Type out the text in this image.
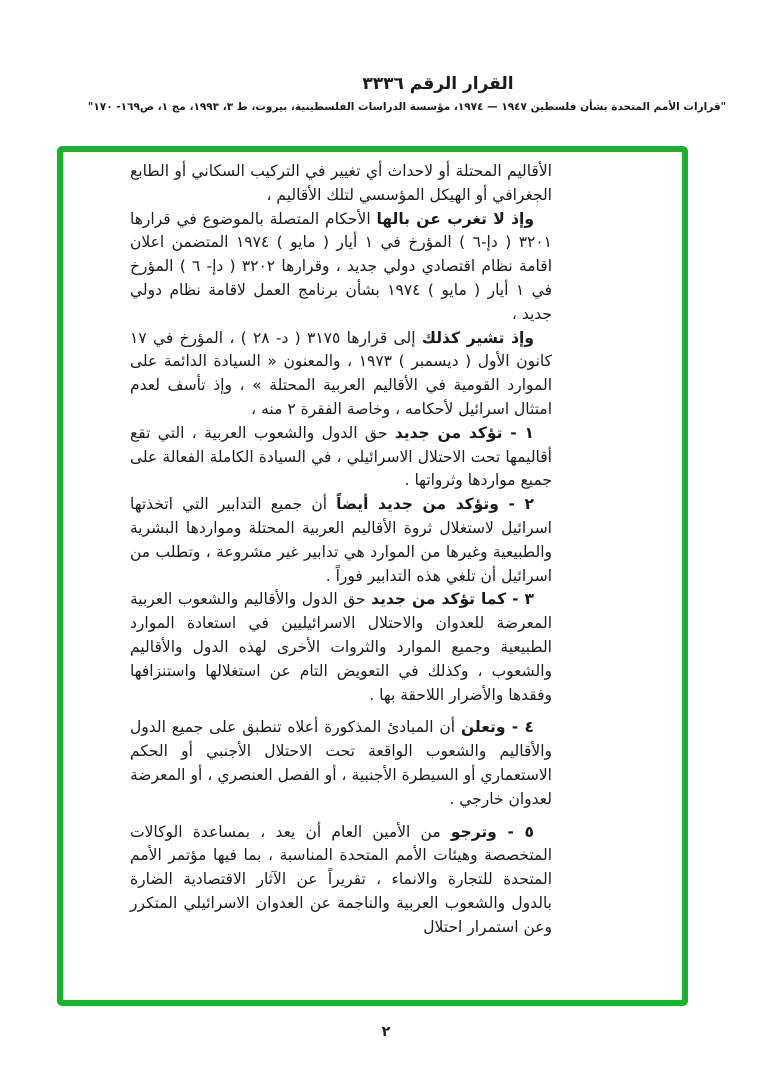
القرار الرقم ٣٣٣٦
"قرارات الأمم المتحدة بشأن فلسطين ١٩٤٧ — ١٩٧٤، مؤسسة الدراسات الفلسطينية، بيروت، ط ٣، ١٩٩٣، مج ١، ص١٦٩- ١٧٠"

الأقاليم المحتلة أو لاحداث أي تغيير في التركيب السكاني أو الطابع الجغرافي أو الهيكل المؤسسي لتلك الأقاليم ،

وإذ لا تغرب عن بالها الأحكام المتصلة بالموضوع في قرارها ٣٢٠١ ( دإ-٦ ) المؤرخ في ١ أيار ( مايو ) ١٩٧٤ المتضمن اعلان اقامة نظام اقتصادي دولي جديد ، وقرارها ٣٢٠٢ ( دإ- ٦ ) المؤرخ في ١ أيار ( مايو ) ١٩٧٤ بشأن برنامج العمل لاقامة نظام دولي جديد ،

وإذ تشير كذلك إلى قرارها ٣١٧٥ ( د- ٢٨ ) ، المؤرخ في ١٧ كانون الأول ( ديسمبر ) ١٩٧٣ ، والمعنون « السيادة الدائمة على الموارد القومية في الأقاليم العربية المحتلة » ، وإذ تأسف لعدم امتثال اسرائيل لأحكامه ، وخاصة الفقرة ٢ منه ،

١ - تؤكد من جديد حق الدول والشعوب العربية ، التي تقع أقاليمها تحت الاحتلال الاسرائيلي ، في السيادة الكاملة الفعالة على جميع مواردها وثرواتها .

٢ - وتؤكد من جديد أيضاً أن جميع التدابير التي اتخذتها اسرائيل لاستغلال ثروة الأقاليم العربية المحتلة ومواردها البشرية والطبيعية وغيرها من الموارد هي تدابير غير مشروعة ، وتطلب من اسرائيل أن تلغي هذه التدابير فوراً .

٣ - كما تؤكد من جديد حق الدول والأقاليم والشعوب العربية المعرضة للعدوان والاحتلال الاسرائيليين في استعادة الموارد الطبيعية وجميع الموارد والثروات الأخرى لهذه الدول والأقاليم والشعوب ، وكذلك في التعويض التام عن استغلالها واستنزافها وفقدها والأضرار اللاحقة بها .

٤ - وتعلن أن المبادئ المذكورة أعلاه تنطبق على جميع الدول والأقاليم والشعوب الواقعة تحت الاحتلال الأجنبي أو الحكم الاستعماري أو السيطرة الأجنبية ، أو الفصل العنصري ، أو المعرضة لعدوان خارجي .

٥ - وترجو من الأمين العام أن يعد ، بمساعدة الوكالات المتخصصة وهيئات الأمم المتحدة المناسبة ، بما فيها مؤتمر الأمم المتحدة للتجارة والانماء ، تقريراً عن الآثار الاقتصادية الضارة بالدول والشعوب العربية والناجمة عن العدوان الاسرائيلي المتكرر وعن استمرار احتلال

٢
